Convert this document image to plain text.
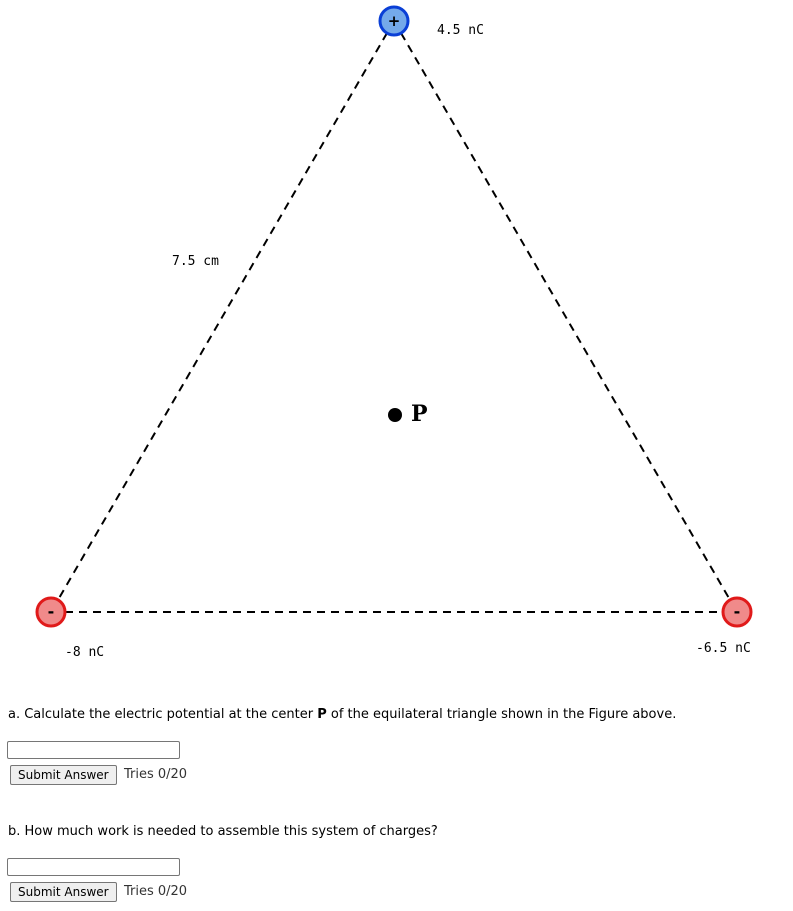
7.5 cm
P
+
4.5 nC
-
-8 nC
-
-6.5 nC
a. Calculate the electric potential at the center P of the equilateral triangle shown in the Figure above.
Submit Answer	Tries 0/20
b. How much work is needed to assemble this system of charges?
Submit Answer	Tries 0/20
